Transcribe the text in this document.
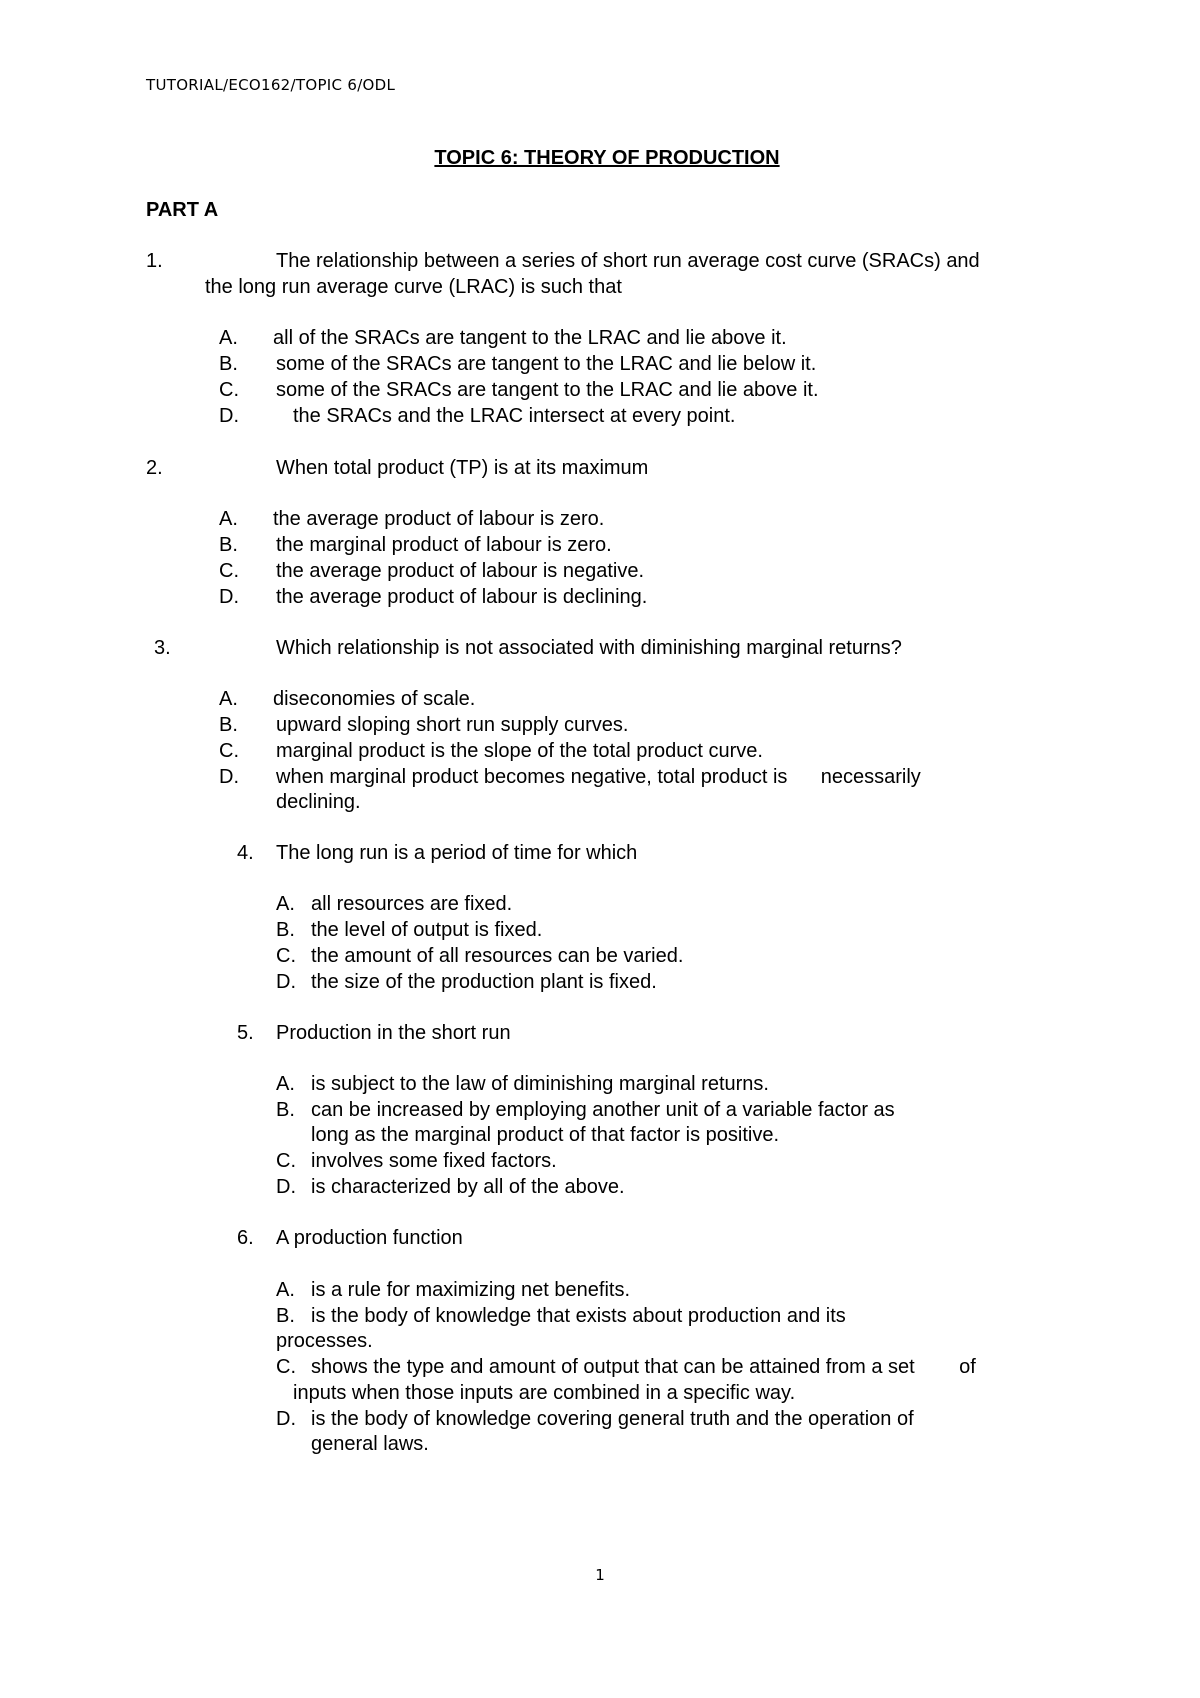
TUTORIAL/ECO162/TOPIC 6/ODL
TOPIC 6: THEORY OF PRODUCTION
PART A
1.	The relationship between a series of short run average cost curve (SRACs) and
the long run average curve (LRAC) is such that
A. all of the SRACs are tangent to the LRAC and lie above it.
B. some of the SRACs are tangent to the LRAC and lie below it.
C. some of the SRACs are tangent to the LRAC and lie above it.
D.	the SRACs and the LRAC intersect at every point.
2.	When total product (TP) is at its maximum
A. the average product of labour is zero.
B. the marginal product of labour is zero.
C. the average product of labour is negative.
D. the average product of labour is declining.
3.	Which relationship is not associated with diminishing marginal returns?
A. diseconomies of scale.
B. upward sloping short run supply curves.
C. marginal product is the slope of the total product curve.
D. when marginal product becomes negative, total product is      necessarily
declining.
4. The long run is a period of time for which
A. all resources are fixed.
B. the level of output is fixed.
C. the amount of all resources can be varied.
D. the size of the production plant is fixed.
5. Production in the short run
A. is subject to the law of diminishing marginal returns.
B. can be increased by employing another unit of a variable factor as
long as the marginal product of that factor is positive.
C. involves some fixed factors.
D. is characterized by all of the above.
6. A production function
A. is a rule for maximizing net benefits.
B. is the body of knowledge that exists about production and its
processes.
C. shows the type and amount of output that can be attained from a set        of
inputs when those inputs are combined in a specific way.
D. is the body of knowledge covering general truth and the operation of
general laws.
1
